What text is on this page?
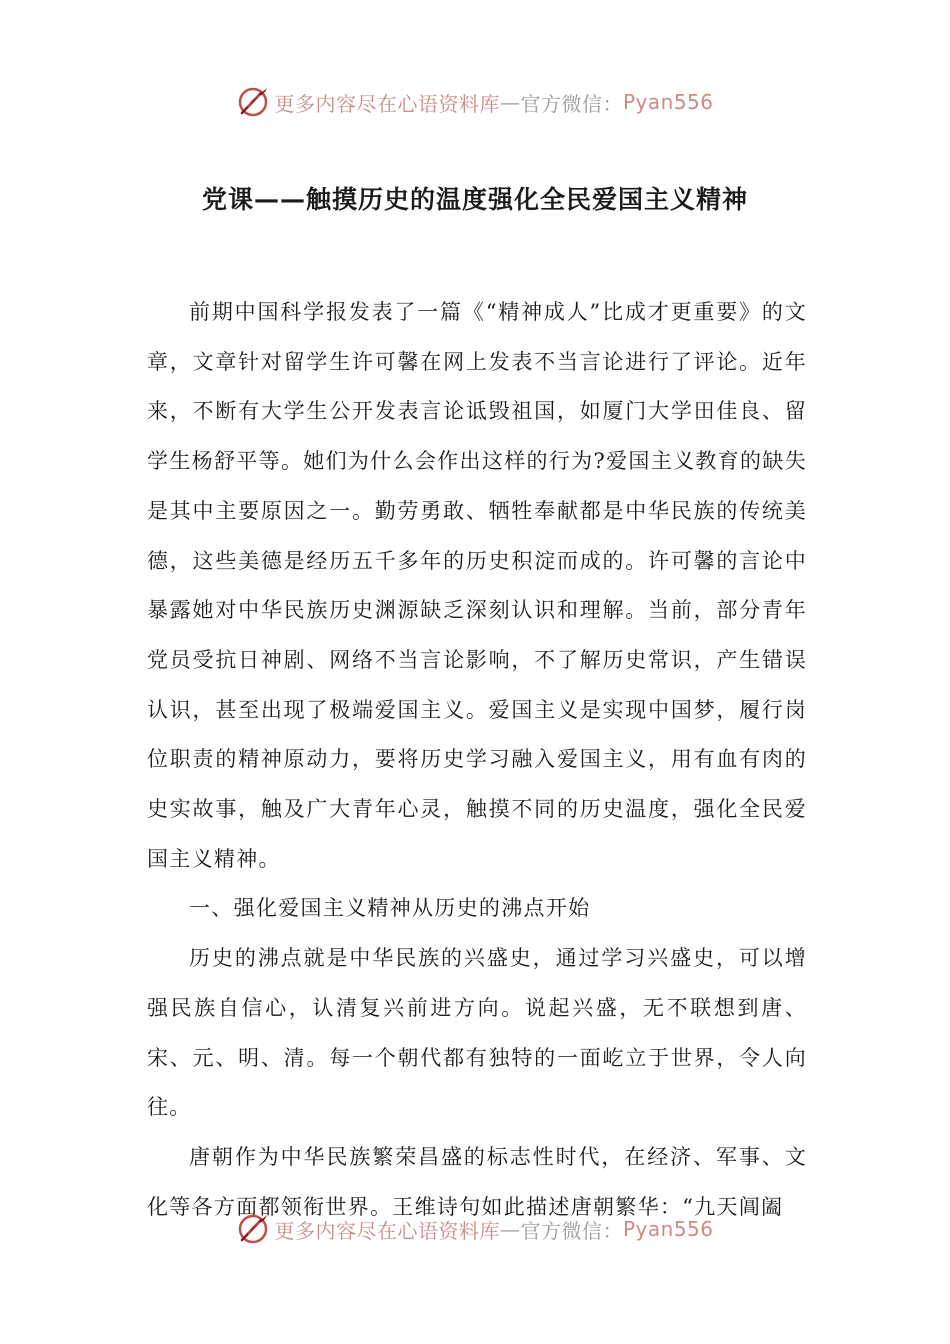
更多内容尽在心语资料库 — 官方微信： Pyan556
党课——触摸历史的温度强化全民爱国主义精神

前期中国科学报发表了一篇《“精神成人”比成才更重要》的文章，文章针对留学生许可馨在网上发表不当言论进行了评论。近年来，不断有大学生公开发表言论诋毁祖国，如厦门大学田佳良、留学生杨舒平等。她们为什么会作出这样的行为?爱国主义教育的缺失是其中主要原因之一。勤劳勇敢、牺牲奉献都是中华民族的传统美德，这些美德是经历五千多年的历史积淀而成的。许可馨的言论中暴露她对中华民族历史渊源缺乏深刻认识和理解。当前，部分青年党员受抗日神剧、网络不当言论影响，不了解历史常识，产生错误认识，甚至出现了极端爱国主义。爱国主义是实现中国梦，履行岗位职责的精神原动力，要将历史学习融入爱国主义，用有血有肉的史实故事，触及广大青年心灵，触摸不同的历史温度，强化全民爱国主义精神。

一、强化爱国主义精神从历史的沸点开始

历史的沸点就是中华民族的兴盛史，通过学习兴盛史，可以增强民族自信心，认清复兴前进方向。说起兴盛，无不联想到唐、宋、元、明、清。每一个朝代都有独特的一面屹立于世界，令人向往。

唐朝作为中华民族繁荣昌盛的标志性时代，在经济、军事、文化等各方面都领衔世界。王维诗句如此描述唐朝繁华：“九天阊阖

更多内容尽在心语资料库 — 官方微信： Pyan556
